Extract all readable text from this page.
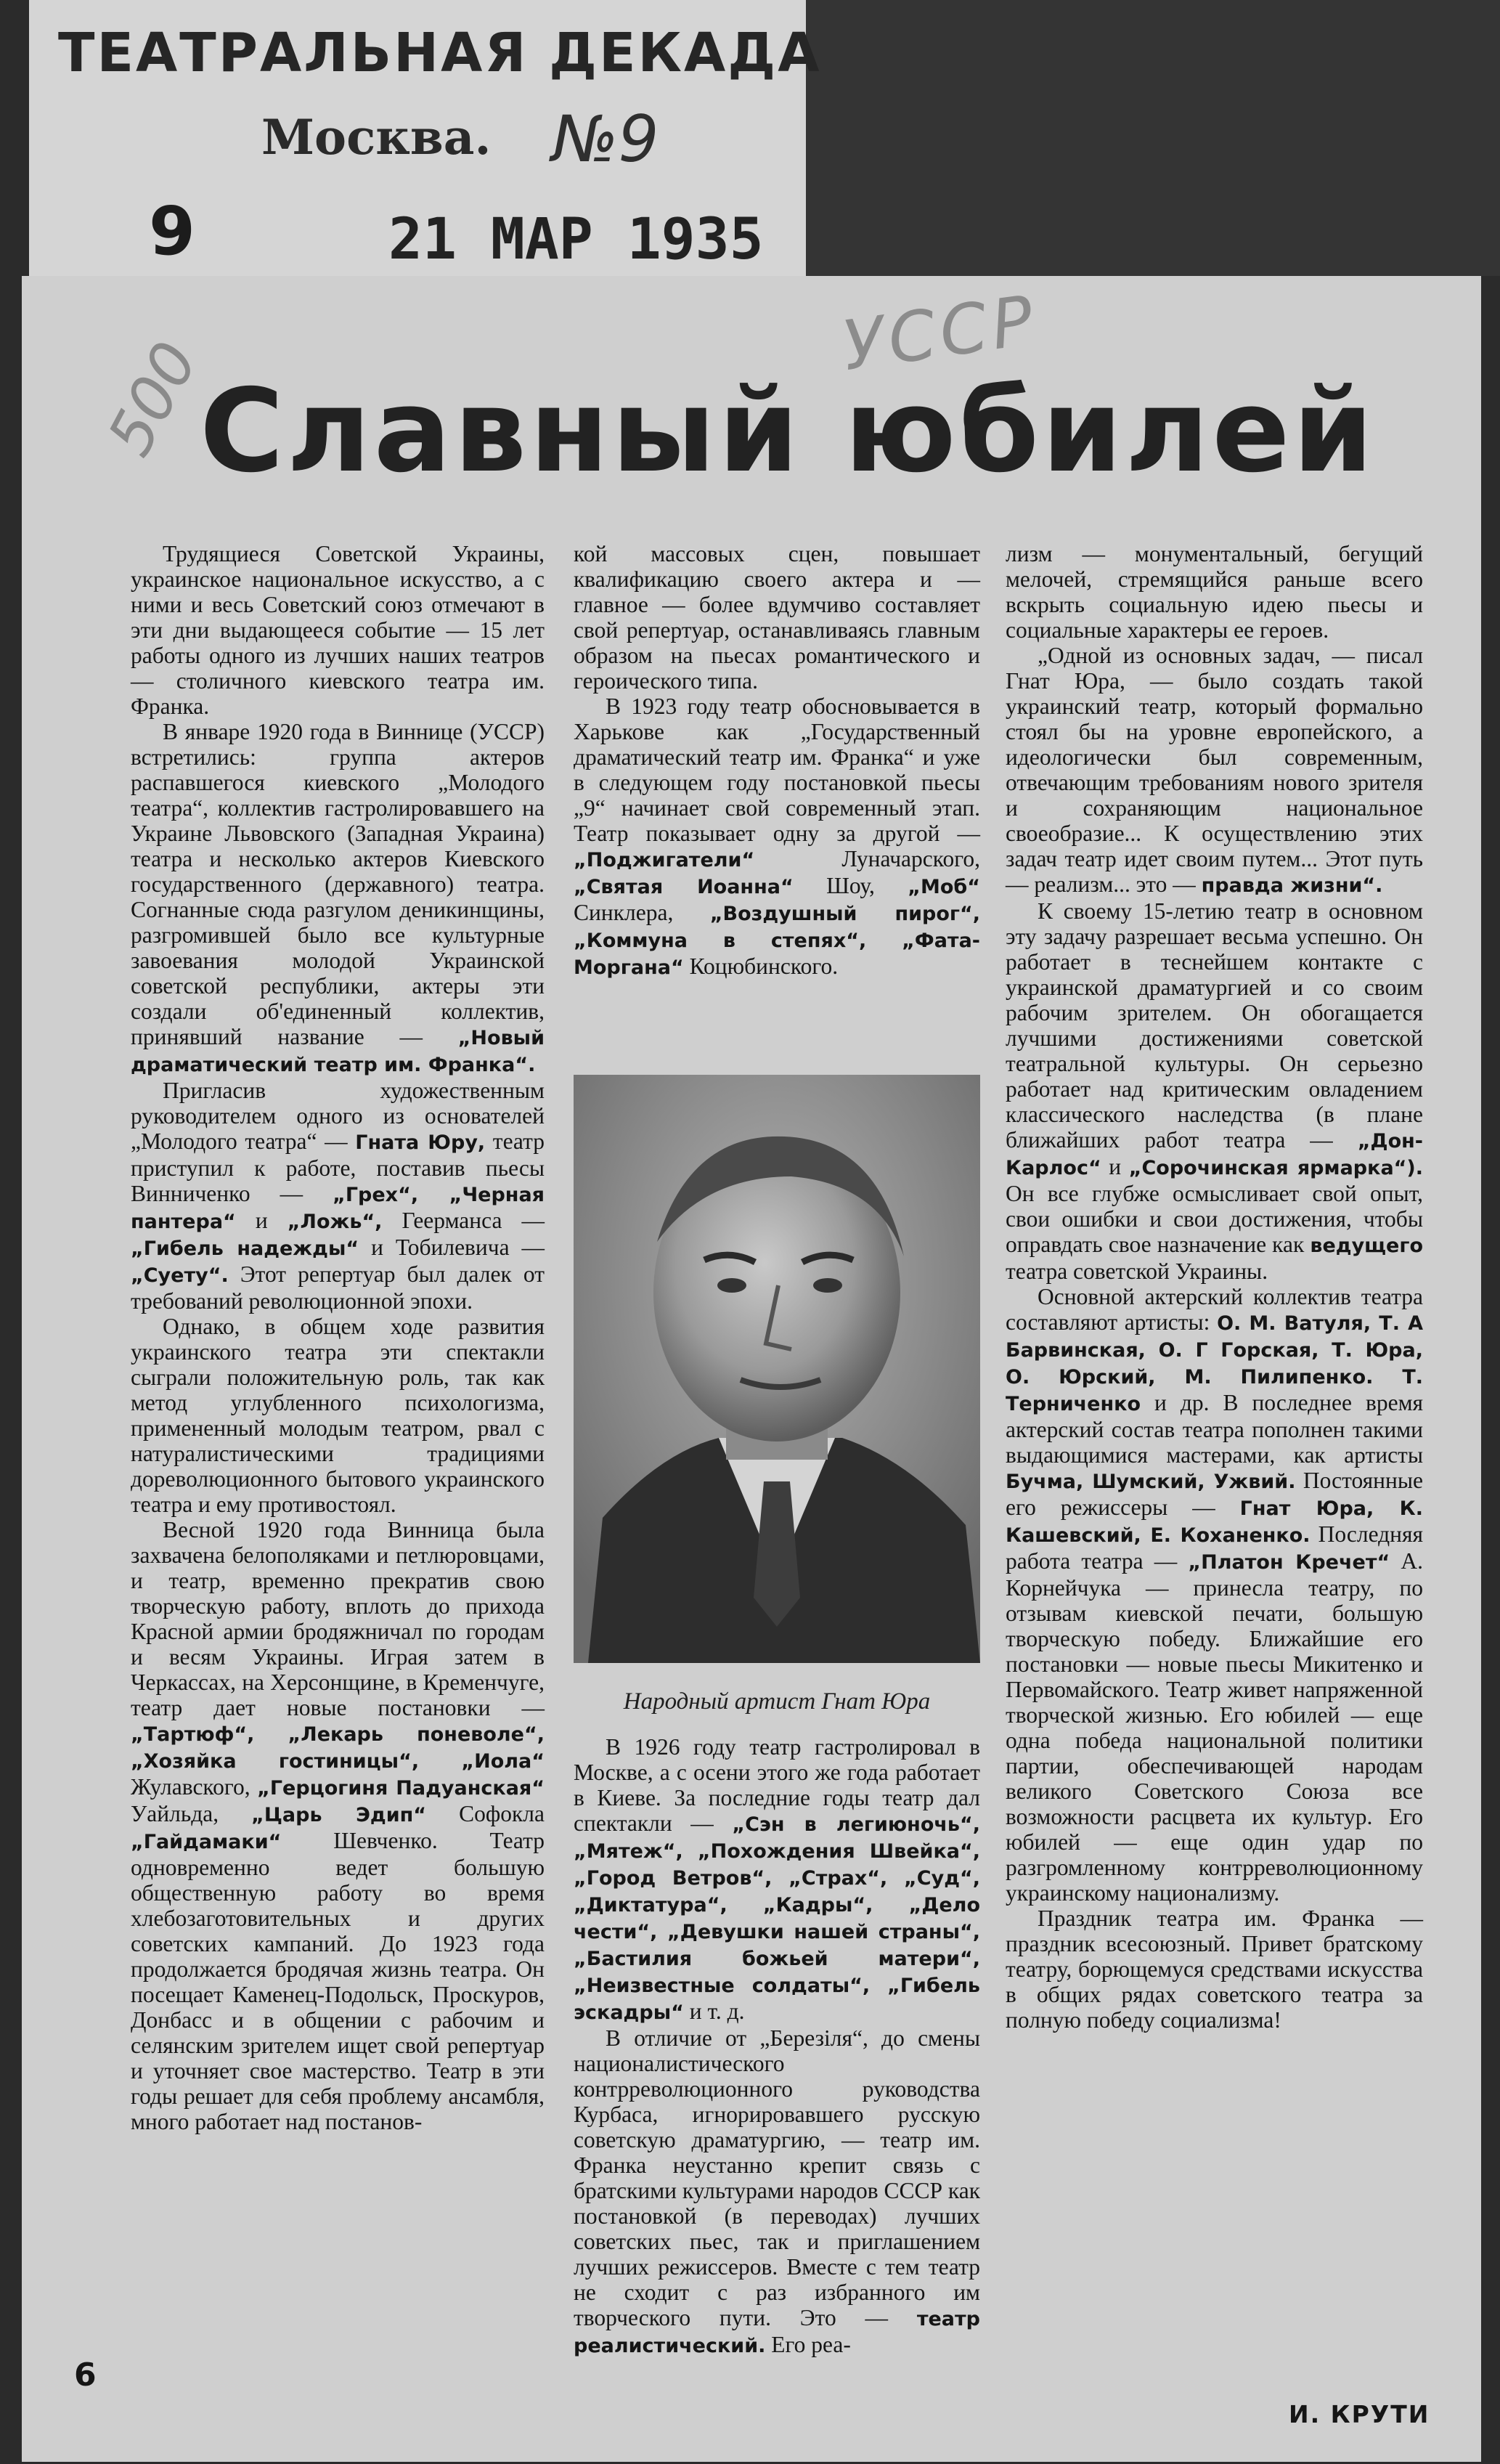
ТЕАТРАЛЬНАЯ ДЕКАДА
Москва. №9
9	21 МАР 1935
500	УССР
Славный юбилей

Трудящиеся Советской Украины, украинское национальное искусство, а с ними и весь Советский союз отмечают в эти дни выдающееся событие — 15 лет работы одного из лучших наших театров — столичного киевского театра им. Франка.

В январе 1920 года в Виннице (УССР) встретились: группа актеров распавшегося киевского „Молодого театра“, коллектив гастролировавшего на Украине Львовского (Западная Украина) театра и несколько актеров Киевского государственного (державного) театра. Согнанные сюда разгулом деникинщины, разгромившей было все культурные завоевания молодой Украинской советской республики, актеры эти создали об'единенный коллектив, принявший название — „Новый драматический театр им. Франка“.

Пригласив художественным руководителем одного из основателей „Молодого театра“ — Гната Юру, театр приступил к работе, поставив пьесы Винниченко — „Грех“, „Черная пантера“ и „Ложь“, Геерманса — „Гибель надежды“ и Тобилевича — „Суету“. Этот репертуар был далек от требований революционной эпохи.

Однако, в общем ходе развития украинского театра эти спектакли сыграли положительную роль, так как метод углубленного психологизма, примененный молодым театром, рвал с натуралистическими традициями дореволюционного бытового украинского театра и ему противостоял.

Весной 1920 года Винница была захвачена белополяками и петлюровцами, и театр, временно прекратив свою творческую работу, вплоть до прихода Красной армии бродяжничал по городам и весям Украины. Играя затем в Черкассах, на Херсонщине, в Кременчуге, театр дает новые постановки — „Тартюф“, „Лекарь поневоле“, „Хозяйка гостиницы“, „Иола“ Жулавского, „Герцогиня Падуанская“ Уайльда, „Царь Эдип“ Софокла „Гайдамаки“ Шевченко. Театр одновременно ведет большую общественную работу во время хлебозаготовительных и других советских кампаний. До 1923 года продолжается бродячая жизнь театра. Он посещает Каменец-Подольск, Проскуров, Донбасс и в общении с рабочим и селянским зрителем ищет свой репертуар и уточняет свое мастерство. Театр в эти годы решает для себя проблему ансамбля, много работает над постанов-

кой массовых сцен, повышает квалификацию своего актера и — главное — более вдумчиво составляет свой репертуар, останавливаясь главным образом на пьесах романтического и героического типа.

В 1923 году театр обосновывается в Харькове как „Государственный драматический театр им. Франка“ и уже в следующем году постановкой пьесы „9“ начинает свой современный этап. Театр показывает одну за другой — „Поджигатели“	Луначарского, „Святая Иоанна“ Шоу, „Моб“ Синклера, „Воздушный пирог“, „Коммуна в степях“, „Фата-Моргана“ Коцюбинского.

Народный артист Гнат Юра

В 1926 году театр гастролировал в Москве, а с осени этого же года работает в Киеве. За последние годы театр дал спектакли — „Сэн в легиюночь“, „Мятеж“, „Похождения Швейка“, „Город Ветров“, „Страх“, „Суд“, „Диктатура“, „Кадры“, „Дело чести“, „Девушки нашей страны“, „Бастилия божьей матери“, „Неизвестные солдаты“, „Гибель эскадры“ и т. д.

В отличие от „Березіля“, до смены националистического контрреволюционного руководства Курбаса, игнорировавшего русскую советскую драматургию, — театр им. Франка неустанно крепит связь с братскими культурами народов СССР как постановкой (в переводах) лучших советских пьес, так и приглашением лучших режиссеров. Вместе с тем театр не сходит с раз избранного им творческого пути. Это — театр реалистический. Его реа-

лизм — монументальный, бегущий мелочей, стремящийся раньше всего вскрыть социальную идею пьесы и социальные характеры ее героев.

„Одной из основных задач, — писал Гнат Юра, — было создать такой украинский театр, который формально стоял бы на уровне европейского, а идеологически был современным, отвечающим требованиям нового зрителя и сохраняющим национальное своеобразие... К осуществлению этих задач театр идет своим путем... Этот путь — реализм... это — правда жизни“.

К своему 15-летию театр в основном эту задачу разрешает весьма успешно. Он работает в теснейшем контакте с украинской драматургией и со своим рабочим зрителем. Он обогащается лучшими достижениями советской театральной культуры. Он серьезно работает над критическим овладением классического наследства (в плане ближайших работ театра — „Дон-Карлос“ и „Сорочинская ярмарка“). Он все глубже осмысливает свой опыт, свои ошибки и свои достижения, чтобы оправдать свое назначение как ведущего театра советской Украины.

Основной актерский коллектив театра составляют артисты: О. М. Ватуля, Т. А Барвинская, О. Г Горская, Т. Юра, О. Юрский, М. Пилипенко. Т. Терниченко и др. В последнее время актерский состав театра пополнен такими выдающимися мастерами, как артисты Бучма, Шумский, Ужвий. Постоянные его режиссеры — Гнат Юра, К. Кашевский, Е. Коханенко. Последняя работа театра — „Платон Кречет“ А. Корнейчука — принесла театру, по отзывам киевской печати, большую творческую победу. Ближайшие его постановки — новые пьесы Микитенко и Первомайского. Театр живет напряженной творческой жизнью. Его юбилей — еще одна победа национальной политики партии, обеспечивающей народам великого Советского Союза все возможности расцвета их культур. Его юбилей — еще один удар по разгромленному контрреволюционному украинскому национализму.

Праздник театра им. Франка — праздник всесоюзный. Привет братскому театру, борющемуся средствами искусства в общих рядах советского театра за полную победу социализма!

И. КРУТИ
6
